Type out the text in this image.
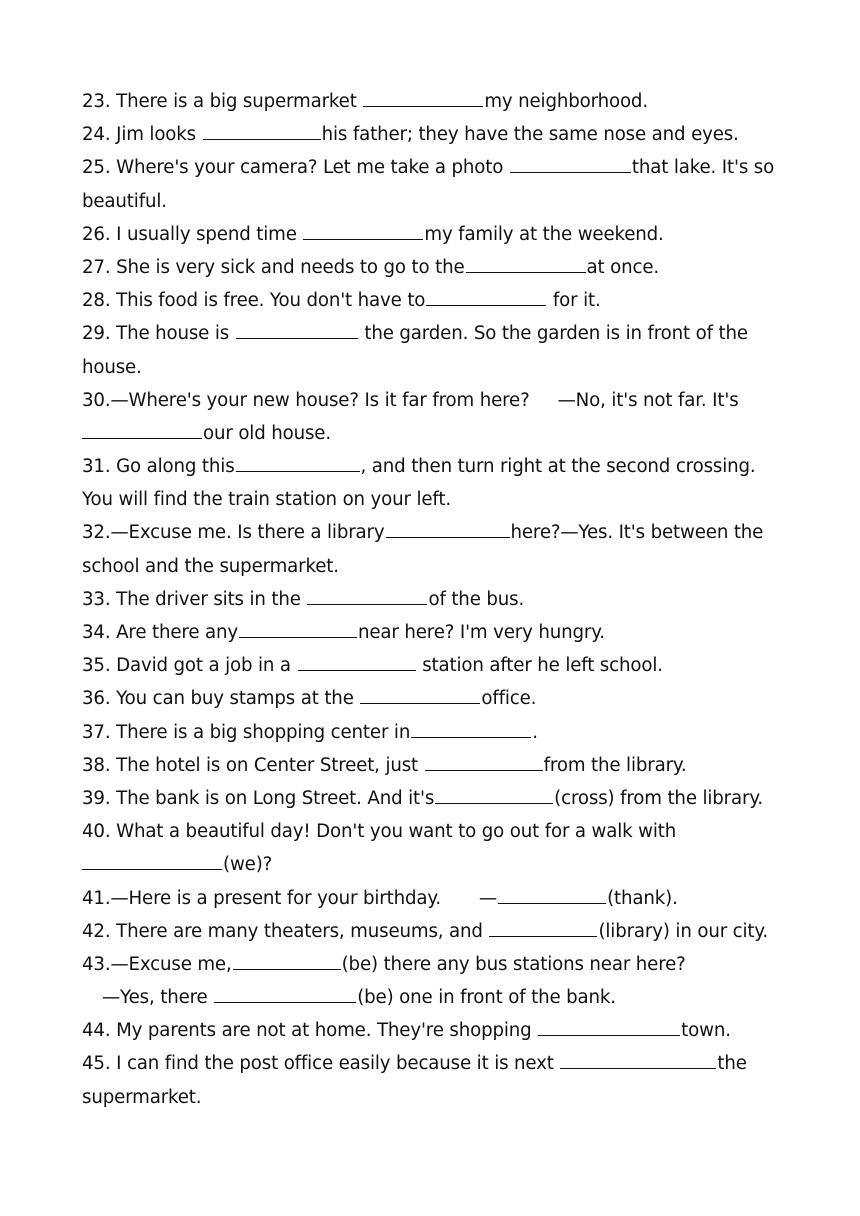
23. There is a big supermarket	my neighborhood.
24. Jim looks	his father; they have the same nose and eyes.
25. Where's your camera? Let me take a photo	that lake. It's so
beautiful.
26. I usually spend time	my family at the weekend.
27. She is very sick and needs to go to the	at once.
28. This food is free. You don't have to	for it.
29. The house is	the garden. So the garden is in front of the
house.
30.—Where's your new house? Is it far from here? —No, it's not far. It's
our old house.
31. Go along this	, and then turn right at the second crossing.
You will find the train station on your left.
32.—Excuse me. Is there a library	here?—Yes. It's between the
school and the supermarket.
33. The driver sits in the	of the bus.
34. Are there any	near here? I'm very hungry.
35. David got a job in a	station after he left school.
36. You can buy stamps at the	office.
37. There is a big shopping center in	.
38. The hotel is on Center Street, just	from the library.
39. The bank is on Long Street. And it's	(cross) from the library.
40. What a beautiful day! Don't you want to go out for a walk with
(we)?
41.—Here is a present for your birthday. —	(thank).
42. There are many theaters, museums, and	(library) in our city.
43.—Excuse me,	(be) there any bus stations near here?
—Yes, there	(be) one in front of the bank.
44. My parents are not at home. They're shopping	town.
45. I can find the post office easily because it is next	the
supermarket.
